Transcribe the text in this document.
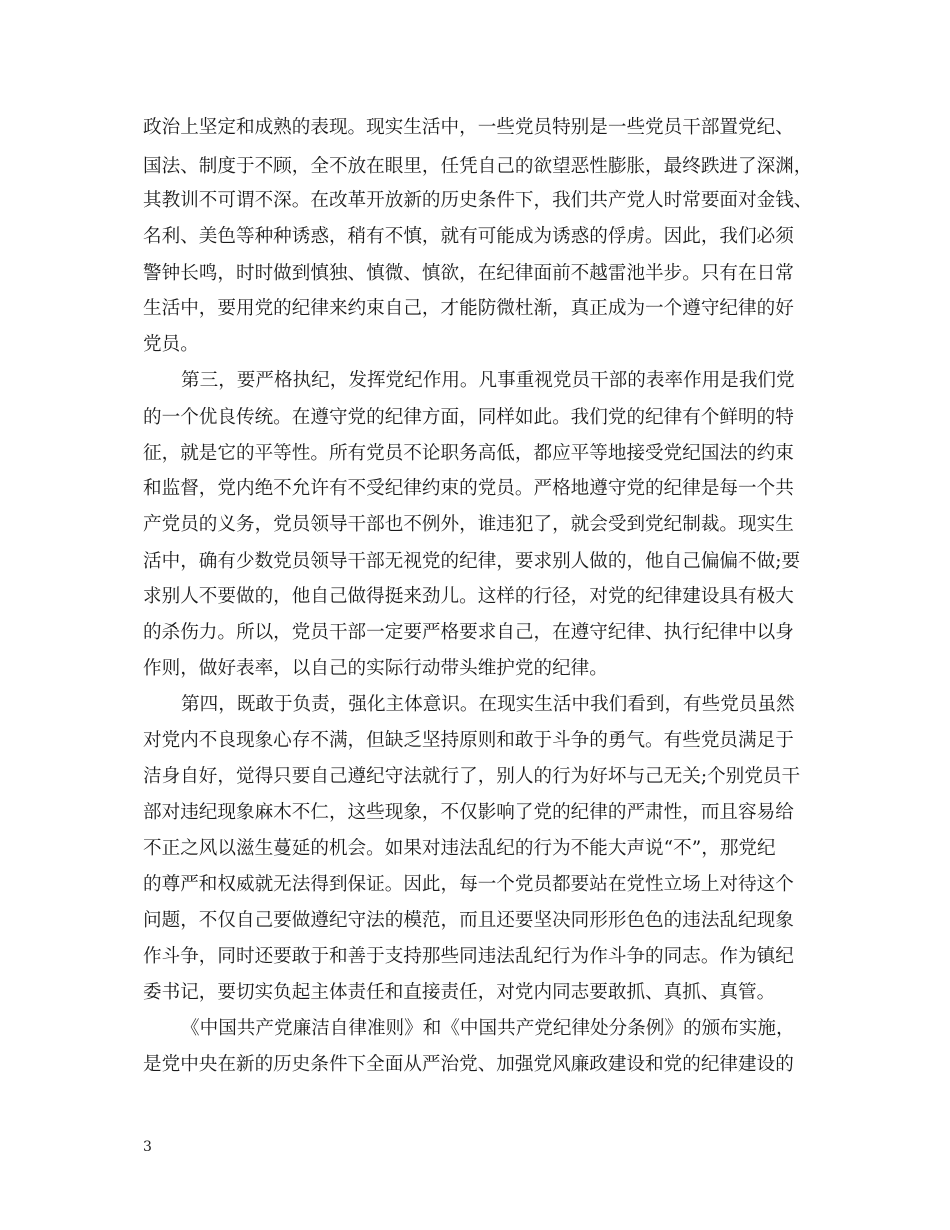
政治上坚定和成熟的表现。现实生活中，一些党员特别是一些党员干部置党纪、
国法、制度于不顾，全不放在眼里，任凭自己的欲望恶性膨胀，最终跌进了深渊，
其教训不可谓不深。在改革开放新的历史条件下，我们共产党人时常要面对金钱、
名利、美色等种种诱惑，稍有不慎，就有可能成为诱惑的俘虏。因此，我们必须
警钟长鸣，时时做到慎独、慎微、慎欲，在纪律面前不越雷池半步。只有在日常
生活中，要用党的纪律来约束自己，才能防微杜渐，真正成为一个遵守纪律的好
党员。
第三，要严格执纪，发挥党纪作用。凡事重视党员干部的表率作用是我们党
的一个优良传统。在遵守党的纪律方面，同样如此。我们党的纪律有个鲜明的特
征，就是它的平等性。所有党员不论职务高低，都应平等地接受党纪国法的约束
和监督，党内绝不允许有不受纪律约束的党员。严格地遵守党的纪律是每一个共
产党员的义务，党员领导干部也不例外，谁违犯了，就会受到党纪制裁。现实生
活中，确有少数党员领导干部无视党的纪律，要求别人做的，他自己偏偏不做;要
求别人不要做的，他自己做得挺来劲儿。这样的行径，对党的纪律建设具有极大
的杀伤力。所以，党员干部一定要严格要求自己，在遵守纪律、执行纪律中以身
作则，做好表率，以自己的实际行动带头维护党的纪律。
第四，既敢于负责，强化主体意识。在现实生活中我们看到，有些党员虽然
对党内不良现象心存不满，但缺乏坚持原则和敢于斗争的勇气。有些党员满足于
洁身自好，觉得只要自己遵纪守法就行了，别人的行为好坏与己无关;个别党员干
部对违纪现象麻木不仁，这些现象，不仅影响了党的纪律的严肃性，而且容易给
不正之风以滋生蔓延的机会。如果对违法乱纪的行为不能大声说“不”，那党纪
的尊严和权威就无法得到保证。因此，每一个党员都要站在党性立场上对待这个
问题，不仅自己要做遵纪守法的模范，而且还要坚决同形形色色的违法乱纪现象
作斗争，同时还要敢于和善于支持那些同违法乱纪行为作斗争的同志。作为镇纪
委书记，要切实负起主体责任和直接责任，对党内同志要敢抓、真抓、真管。
《中国共产党廉洁自律准则》和《中国共产党纪律处分条例》的颁布实施，
是党中央在新的历史条件下全面从严治党、加强党风廉政建设和党的纪律建设的
3
